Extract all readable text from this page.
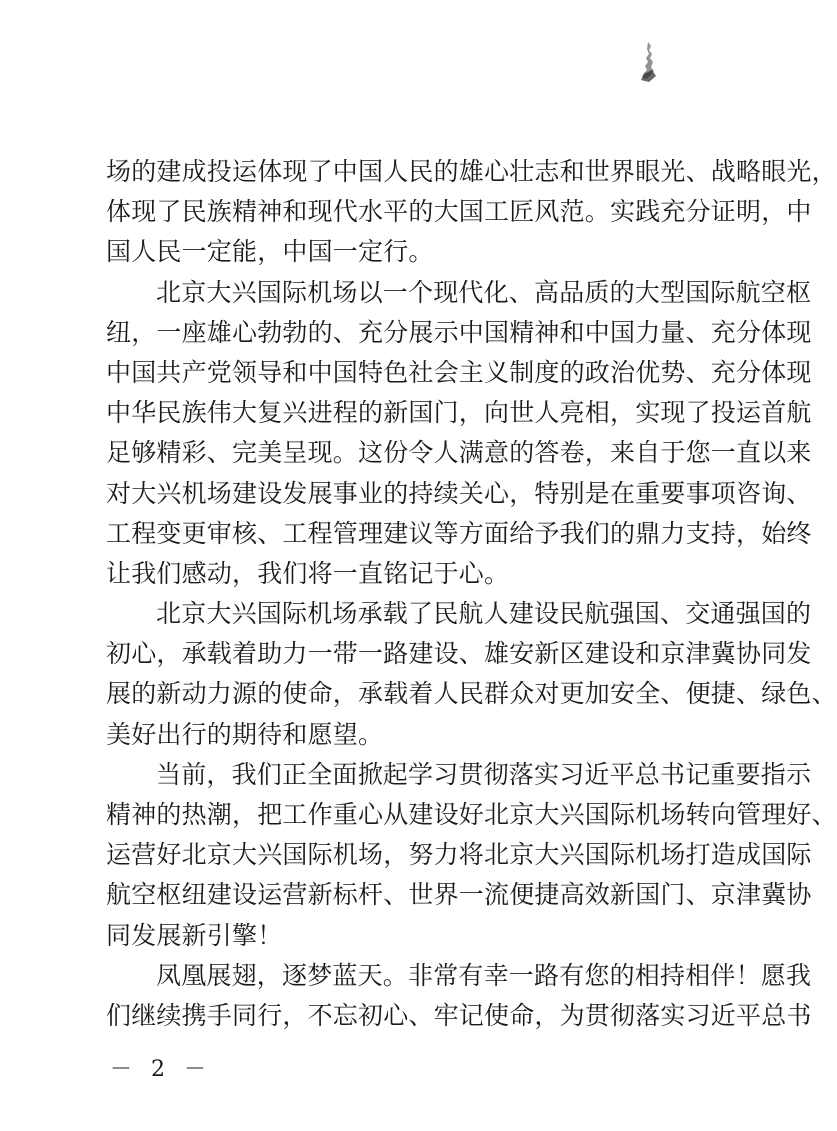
场的建成投运体现了中国人民的雄心壮志和世界眼光、战略眼光，
体现了民族精神和现代水平的大国工匠风范。实践充分证明，中
国人民一定能，中国一定行。
北京大兴国际机场以一个现代化、高品质的大型国际航空枢
纽，一座雄心勃勃的、充分展示中国精神和中国力量、充分体现
中国共产党领导和中国特色社会主义制度的政治优势、充分体现
中华民族伟大复兴进程的新国门，向世人亮相，实现了投运首航
足够精彩、完美呈现。这份令人满意的答卷，来自于您一直以来
对大兴机场建设发展事业的持续关心，特别是在重要事项咨询、
工程变更审核、工程管理建议等方面给予我们的鼎力支持，始终
让我们感动，我们将一直铭记于心。
北京大兴国际机场承载了民航人建设民航强国、交通强国的
初心，承载着助力一带一路建设、雄安新区建设和京津冀协同发
展的新动力源的使命，承载着人民群众对更加安全、便捷、绿色、
美好出行的期待和愿望。
当前，我们正全面掀起学习贯彻落实习近平总书记重要指示
精神的热潮，把工作重心从建设好北京大兴国际机场转向管理好、
运营好北京大兴国际机场，努力将北京大兴国际机场打造成国际
航空枢纽建设运营新标杆、世界一流便捷高效新国门、京津冀协
同发展新引擎！
凤凰展翅，逐梦蓝天。非常有幸一路有您的相持相伴！愿我
们继续携手同行，不忘初心、牢记使命，为贯彻落实习近平总书
－ 2 －
